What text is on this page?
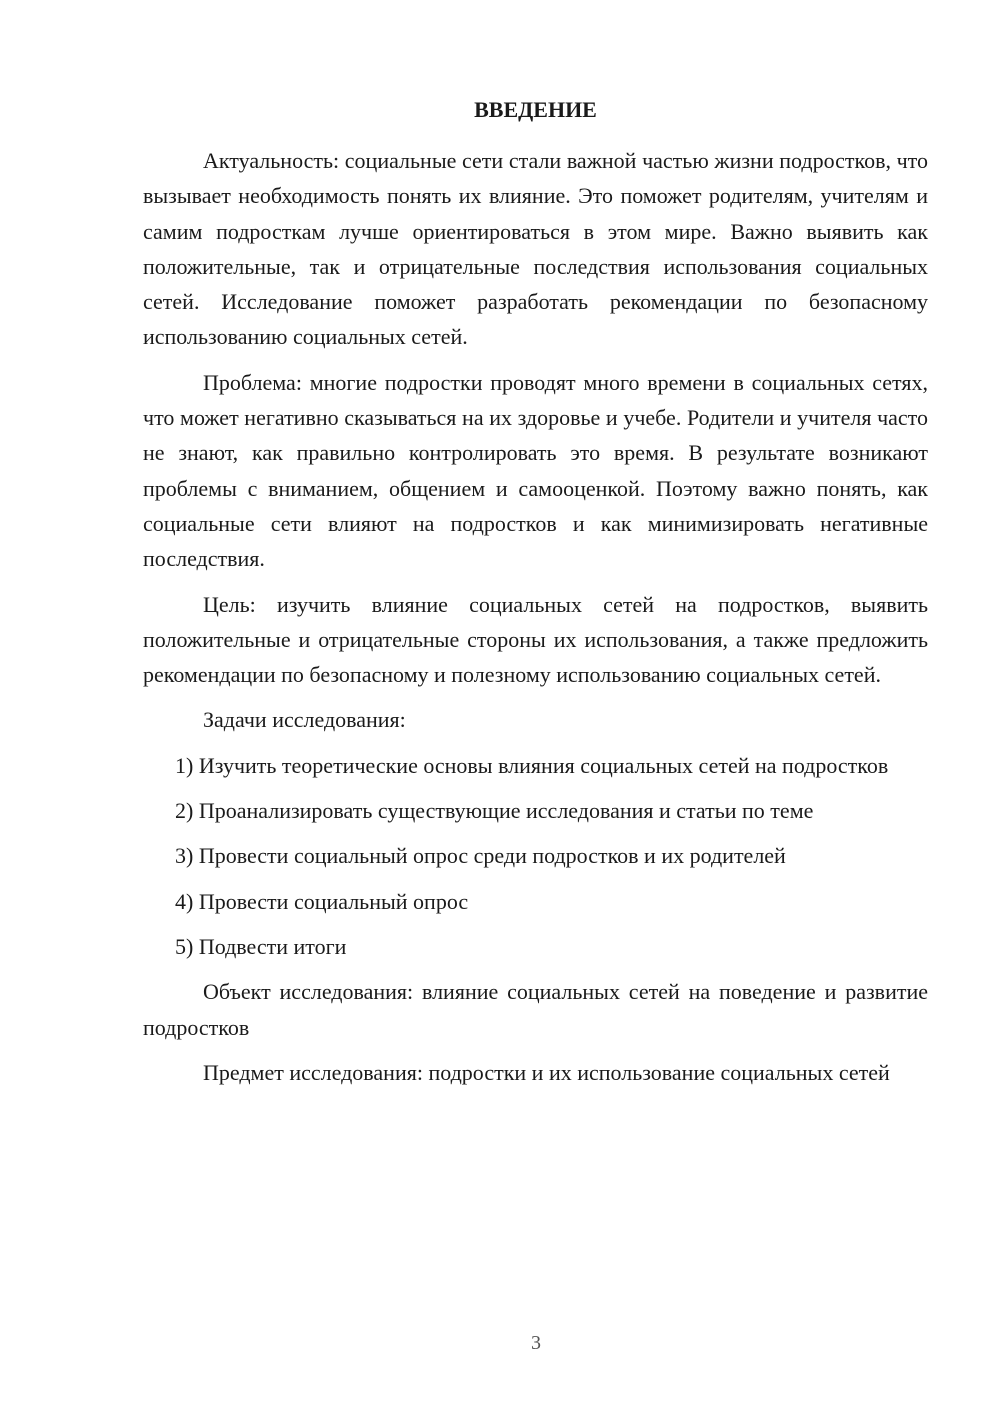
ВВЕДЕНИЕ

Актуальность: социальные сети стали важной частью жизни подростков, что вызывает необходимость понять их влияние. Это поможет родителям, учителям и самим подросткам лучше ориентироваться в этом мире. Важно выявить как положительные, так и отрицательные последствия использования социальных сетей. Исследование поможет разработать рекомендации по безопасному использованию социальных сетей.

Проблема: многие подростки проводят много времени в социальных сетях, что может негативно сказываться на их здоровье и учебе. Родители и учителя часто не знают, как правильно контролировать это время. В результате возникают проблемы с вниманием, общением и самооценкой. Поэтому важно понять, как социальные сети влияют на подростков и как минимизировать негативные последствия.

Цель: изучить влияние социальных сетей на подростков, выявить положительные и отрицательные стороны их использования, а также предложить рекомендации по безопасному и полезному использованию социальных сетей.

Задачи исследования:

1) Изучить теоретические основы влияния социальных сетей на подростков
2) Проанализировать существующие исследования и статьи по теме
3) Провести социальный опрос среди подростков и их родителей
4) Провести социальный опрос
5) Подвести итоги

Объект исследования: влияние социальных сетей на поведение и развитие подростков

Предмет исследования: подростки и их использование социальных сетей

3
